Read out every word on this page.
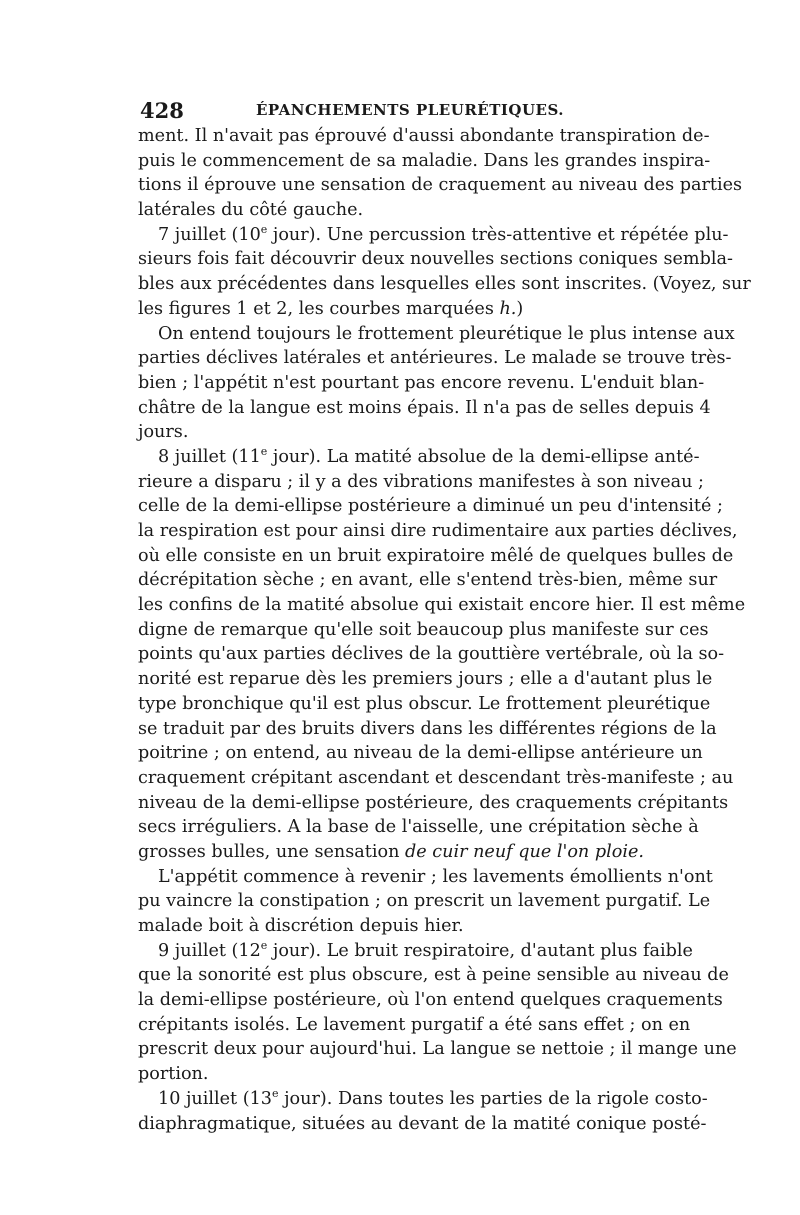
428	ÉPANCHEMENTS PLEURÉTIQUES.
ment. Il n'avait pas éprouvé d'aussi abondante transpiration de-
puis le commencement de sa maladie. Dans les grandes inspira-
tions il éprouve une sensation de craquement au niveau des parties
latérales du côté gauche.
7 juillet (10e jour). Une percussion très-attentive et répétée plu-
sieurs fois fait découvrir deux nouvelles sections coniques sembla-
bles aux précédentes dans lesquelles elles sont inscrites. (Voyez, sur
les figures 1 et 2, les courbes marquées h.)
On entend toujours le frottement pleurétique le plus intense aux
parties déclives latérales et antérieures. Le malade se trouve très-
bien ; l'appétit n'est pourtant pas encore revenu. L'enduit blan-
châtre de la langue est moins épais. Il n'a pas de selles depuis 4
jours.
8 juillet (11e jour). La matité absolue de la demi-ellipse anté-
rieure a disparu ; il y a des vibrations manifestes à son niveau ;
celle de la demi-ellipse postérieure a diminué un peu d'intensité ;
la respiration est pour ainsi dire rudimentaire aux parties déclives,
où elle consiste en un bruit expiratoire mêlé de quelques bulles de
décrépitation sèche ; en avant, elle s'entend très-bien, même sur
les confins de la matité absolue qui existait encore hier. Il est même
digne de remarque qu'elle soit beaucoup plus manifeste sur ces
points qu'aux parties déclives de la gouttière vertébrale, où la so-
norité est reparue dès les premiers jours ; elle a d'autant plus le
type bronchique qu'il est plus obscur. Le frottement pleurétique
se traduit par des bruits divers dans les différentes régions de la
poitrine ; on entend, au niveau de la demi-ellipse antérieure un
craquement crépitant ascendant et descendant très-manifeste ; au
niveau de la demi-ellipse postérieure, des craquements crépitants
secs irréguliers. A la base de l'aisselle, une crépitation sèche à
grosses bulles, une sensation de cuir neuf que l'on ploie.
L'appétit commence à revenir ; les lavements émollients n'ont
pu vaincre la constipation ; on prescrit un lavement purgatif. Le
malade boit à discrétion depuis hier.
9 juillet (12e jour). Le bruit respiratoire, d'autant plus faible
que la sonorité est plus obscure, est à peine sensible au niveau de
la demi-ellipse postérieure, où l'on entend quelques craquements
crépitants isolés. Le lavement purgatif a été sans effet ; on en
prescrit deux pour aujourd'hui. La langue se nettoie ; il mange une
portion.
10 juillet (13e jour). Dans toutes les parties de la rigole costo-
diaphragmatique, situées au devant de la matité conique posté-
